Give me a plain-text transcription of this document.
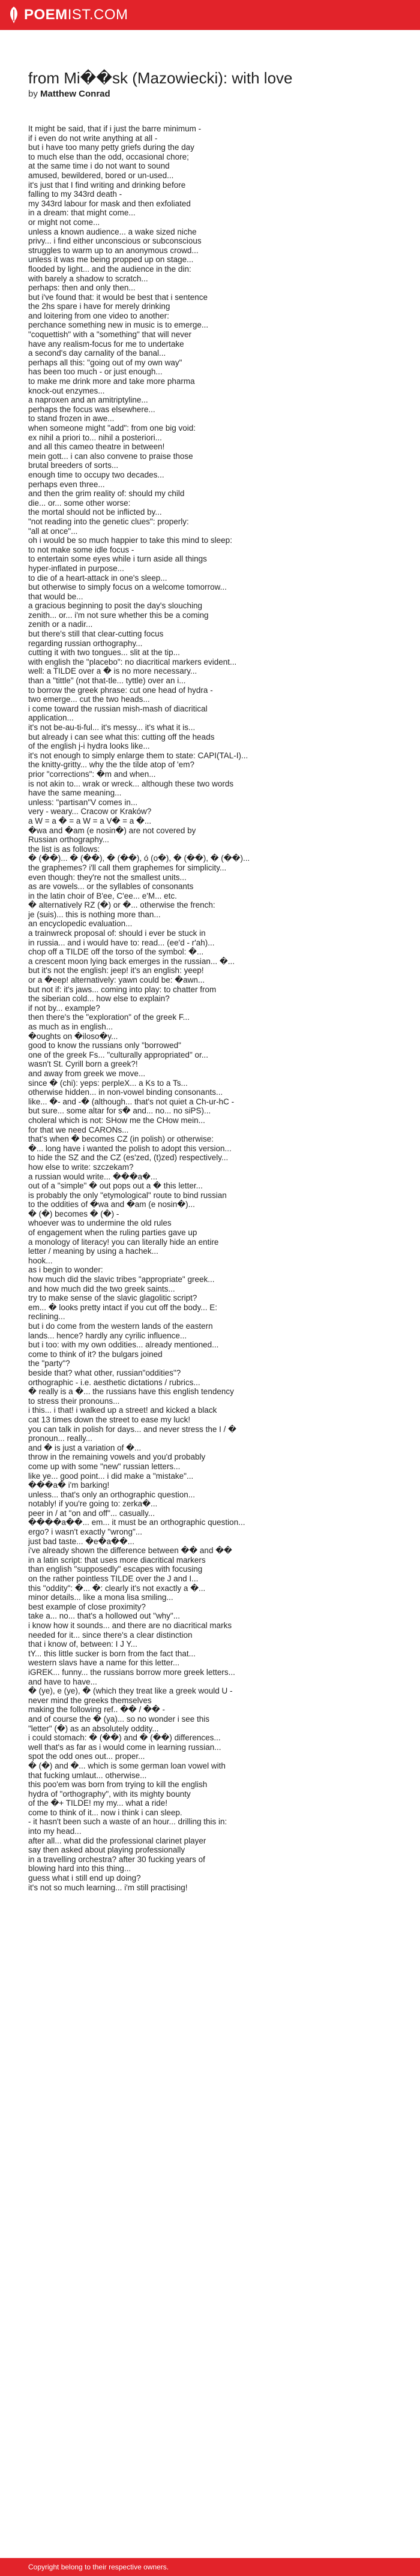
POEM IST.COM
from Mi��sk (Mazowiecki): with love
by Matthew Conrad
It might be said, that if i just the barre minimum -
if i even do not write anything at all -
but i have too many petty griefs during the day
to much else than the odd, occasional chore;
at the same time i do not want to sound
amused, bewildered, bored or un-used...
it's just that I find writing and drinking before
falling to my 343rd death -
my 343rd labour for mask and then exfoliated
in a dream: that might come...
or might not come...
unless a known audience... a wake sized niche
privy... i find either unconscious or subconscious
struggles to warm up to an anonymous crowd...
unless it was me being propped up on stage...
flooded by light... and the audience in the din:
with barely a shadow to scratch...
perhaps: then and only then...
but i've found that: it would be best that i sentence
the 2hs spare i have for merely drinking
and loitering from one video to another:
perchance something new in music is to emerge...
"coquettish" with a "something" that will never
have any realism-focus for me to undertake
a second's day carnality of the banal...
perhaps all this: "going out of my own way"
has been too much - or just enough...
to make me drink more and take more pharma
knock-out enzymes...
a naproxen and an amitriptyline...
perhaps the focus was elsewhere...
to stand frozen in awe...
when someone might "add": from one big void:
ex nihil a priori to... nihil a posteriori...
and all this cameo theatre in between!
mein gott... i can also convene to praise those
brutal breeders of sorts...
enough time to occupy two decades...
perhaps even three...
and then the grim reality of: should my child
die... or... some other worse:
the mortal should not be inflicted by...
"not reading into the genetic clues": properly:
"all at once"...
oh i would be so much happier to take this mind to sleep:
to not make some idle focus -
to entertain some eyes while i turn aside all things
hyper-inflated in purpose...
to die of a heart-attack in one's sleep...
but otherwise to simply focus on a welcome tomorrow...
that would be...
a gracious beginning to posit the day's slouching
zenith... or... i'm not sure whether this be a coming
zenith or a nadir...
but there's still that clear-cutting focus
regarding russian orthography...
cutting it with two tongues... slit at the tip...
with english the "placebo": no diacritical markers evident...
well: a TILDE over a � is no more necessary...
than a "tittle" (not that-tle... tyttle) over an i...
to borrow the greek phrase: cut one head of hydra -
two emerge... cut the two heads...
i come toward the russian mish-mash of diacritical
application...
it's not be-au-ti-ful... it's messy... it's what it is...
but already i can see what this: cutting off the heads
of the english j-i hydra looks like...
it's not enough to simply enlarge them to state: CAPI(TAL-I)...
the knitty-gritty... why the the tilde atop of 'em?
prior "corrections": �m and when...
is not akin to... wrak or wreck... although these two words
have the same meaning...
unless: "partisan"V comes in...
very - weary... Cracow or Kraków?
a W = a � = a W = a V� = a �...
�wa and �am (e nosin�) are not covered by
Russian orthography...
the list is as follows:
� (��)... � (��), � (��), ó (o�), � (��), � (��)...
the graphemes? i'll call them graphemes for simplicity...
even though: they're not the smallest units...
as are vowels... or the syllables of consonants
in the latin choir of B'ee, C'ee... e'M... etc.
� alternatively RZ (�) or �... otherwise the french:
je (suis)... this is nothing more than...
an encyclopedic evaluation...
a trainwreck proposal of: should i ever be stuck in
in russia... and i would have to: read... (ee'd - r'ah)...
chop off a TILDE off the torso of the symbol: �...
a crescent moon lying back emerges in the russian... �...
but it's not the english: jeep! it's an english: yeep!
or a �eep! alternatively: yawn could be: �awn...
but not if: it's jaws... coming into play: to chatter from
the siberian cold... how else to explain?
if not by... example?
then there's the "exploration" of the greek F...
as much as in english...
�oughts on �iloso�y...
good to know the russians only "borrowed"
one of the greek Fs... "culturally appropriated" or...
wasn't St. Cyrill born a greek?!
and away from greek we move...
since � (chi): yeps: perpleX... a Ks to a Ts...
otherwise hidden... in non-vowel binding consonants...
like... �- and -� (although... that's not quiet a Ch-ur-hC -
but sure... some altar for s� and... no... no siPS)...
choleral which is not: SHow me the CHow mein...
for that we need CARONs...
that's when � becomes CZ (in polish) or otherwise:
�... long have i wanted the polish to adopt this version...
to hide the SZ and the CZ (es'zed, (t)zed) respectively...
how else to write: szczekam?
a russian would write... ���a�...
out of a "simple" � out pops out a � this letter...
is probably the only "etymological" route to bind russian
to the oddities of �wa and �am (e nosin�)...
� (�) becomes � (�) -
whoever was to undermine the old rules
of engagement when the ruling parties gave up
a monology of literacy! you can literally hide an entire
letter / meaning by using a hachek...
hook...
as i begin to wonder:
how much did the slavic tribes "appropriate" greek...
and how much did the two greek saints...
try to make sense of the slavic glagolitic script?
em... � looks pretty intact if you cut off the body... E:
reclining...
but i do come from the western lands of the eastern
lands... hence? hardly any cyrilic influence...
but i too: with my own oddities... already mentioned...
come to think of it? the bulgars joined
the "party"?
beside that? what other, russian"oddities"?
orthographic - i.e. aesthetic dictations / rubrics...
� really is a �... the russians have this english tendency
to stress their pronouns...
i this... i that! i walked up a street! and kicked a black
cat 13 times down the street to ease my luck!
you can talk in polish for days... and never stress the I / �
pronoun... really...
and � is just a variation of �...
throw in the remaining vowels and you'd probably
come up with some "new" russian letters...
like ye... good point... i did make a "mistake"...
���a� i'm barking!
unless... that's only an orthographic question...
notably! if you're going to: zerka�...
peer in / at "on and off"... casually...
����a��... em... it must be an orthographic question...
ergo? i wasn't exactly "wrong"...
just bad taste... �e�a��...
i've already shown the difference between �� and ��
in a latin script: that uses more diacritical markers
than english "supposedly" escapes with focusing
on the rather pointless TILDE over the J and I...
this "oddity": �... �: clearly it's not exactly a �...
minor details... like a mona lisa smiling...
best example of close proximity?
take a... no... that's a hollowed out "why"...
i know how it sounds... and there are no diacritical marks
needed for it... since there's a clear distinction
that i know of, between: I J Y...
tY... this little sucker is born from the fact that...
western slavs have a name for this letter...
iGREK... funny... the russians borrow more greek letters...
and have to have...
� (ye), e (ye), � (which they treat like a greek would U -
never mind the greeks themselves
making the following ref.. �� / �� -
and of course the � (ya)... so no wonder i see this
"letter" (�) as an absolutely oddity...
i could stomach: � (��) and � (��) differences...
well that's as far as i would come in learning russian...
spot the odd ones out... proper...
� (�) and �... which is some german loan vowel with
that fucking umlaut... otherwise...
this poo'em was born from trying to kill the english
hydra of "orthography", with its mighty bounty
of the �+ TILDE! my my... what a ride!
come to think of it... now i think i can sleep.
- it hasn't been such a waste of an hour... drilling this in:
into my head...
after all... what did the professional clarinet player
say then asked about playing professionally
in a travelling orchestra? after 30 fucking years of
blowing hard into this thing...
guess what i still end up doing?
it's not so much learning... i'm still practising!
Copyright belong to their respective owners.
